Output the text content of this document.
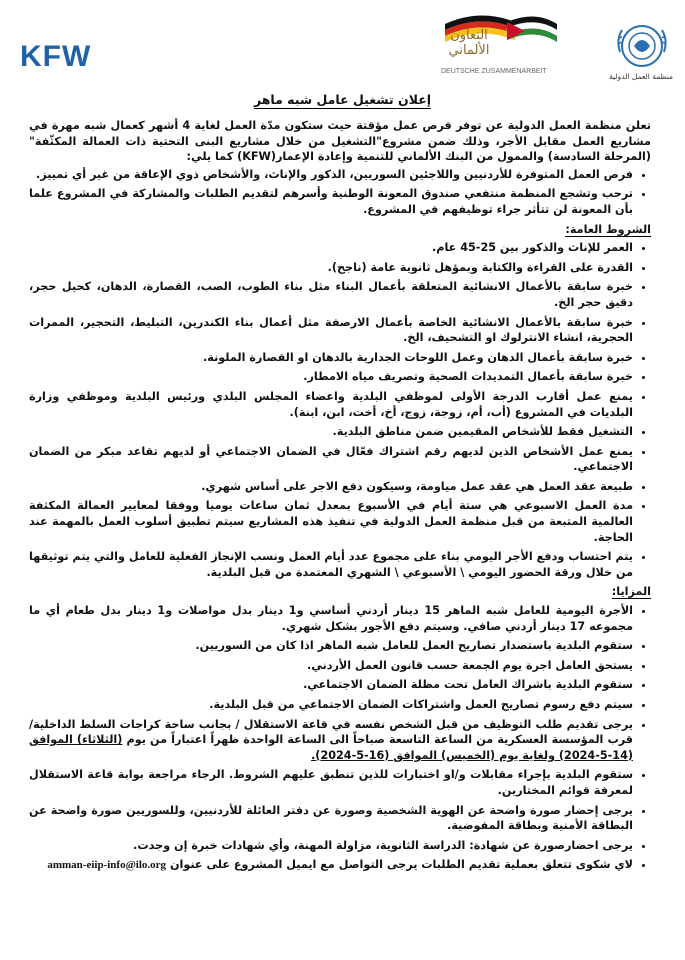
KFW
التعاون الألماني
DEUTSCHE ZUSAMMENARBEIT
منظمة العمل الدولية
إعلان تشغيل عامل شبه ماهر

تعلن منظمة العمل الدولية عن توفر فرص عمل مؤقتة حيث ستكون مدّة العمل لغاية 4 أشهر كعمال شبه مهرة في مشاريع العمل مقابل الأجر، وذلك ضمن مشروع"التشغيل من خلال مشاريع البنى التحتية ذات العمالة المكثّفة"(المرحلة السادسة) والممول من البنك الألماني للتنمية وإعادة الإعمار(KFW) كما يلي:

• فرص العمل المتوفرة للأردنيين واللاجئين السوريين، الذكور والإناث، والأشخاص ذوي الإعاقة من غير أي تمييز.
• ترحب وتشجع المنظمة منتفعي صندوق المعونة الوطنية وأسرهم لتقديم الطلبات والمشاركة في المشروع علما بأن المعونة لن تتأثر جراء توظيفهم في المشروع.
الشروط العامة:
• العمر للإناث والذكور بين 25-45 عام.
• القدرة على القراءة والكتابة وبمؤهل ثانوية عامة (ناجح).
• خبرة سابقة بالأعمال الانشائية المتعلقة بأعمال البناء مثل بناء الطوب، الصب، القصارة، الدهان، كحيل حجر، دقيق حجر الخ.
• خبرة سابقة بالأعمال الانشائية الخاصة بأعمال الارصفة مثل أعمال بناء الكندرين، التبليط، التحجير، الممرات الحجرية، انشاء الانترلوك او التشحيف، الخ.
• خبرة سابقة بأعمال الدهان وعمل اللوحات الجدارية بالدهان او القصارة الملونة.
• خبرة سابقة بأعمال التمديدات الصحية وتصريف مياه الامطار.
• يمنع عمل أقارب الدرجة الأولى لموظفي البلدية واعضاء المجلس البلدي ورئيس البلدية وموظفي وزارة البلديات في المشروع (أب، أم، زوجة، زوج، أخ، أخت، ابن، ابنة).
• التشغيل فقط للأشخاص المقيمين ضمن مناطق البلدية.
• يمنع عمل الأشخاص الذين لديهم رقم اشتراك فعّال في الضمان الاجتماعي أو لديهم تقاعد مبكر من الضمان الاجتماعي.
• طبيعة عقد العمل هي عقد عمل مياومة، وسيكون دفع الاجر على أساس شهري.
• مدة العمل الاسبوعي هي ستة أيام في الأسبوع بمعدل ثمان ساعات يوميا ووفقا لمعايير العمالة المكثفة العالمية المتبعة من قبل منظمة العمل الدولية في تنفيذ هذه المشاريع سيتم تطبيق أسلوب العمل بالمهمة عند الحاجة.
• يتم احتساب ودفع الأجر اليومي بناء على مجموع عدد أيام العمل ونسب الإنجاز الفعلية للعامل والتي يتم توثيقها من خلال ورقة الحضور اليومي \ الأسبوعي \ الشهري المعتمدة من قبل البلدية.
المزايا:
• الأجرة اليومية للعامل شبه الماهر 15 دينار أردني أساسي و1 دينار بدل مواصلات و1 دينار بدل طعام أي ما مجموعه 17 دينار أردني صافي. وسيتم دفع الأجور بشكل شهري.
• ستقوم البلدية باستصدار تصاريح العمل للعامل شبه الماهر اذا كان من السوريين.
• يستحق العامل اجرة يوم الجمعة حسب قانون العمل الأردني.
• ستقوم البلدية باشراك العامل تحت مظلة الضمان الاجتماعي.
• سيتم دفع رسوم تصاريح العمل واشتراكات الضمان الاجتماعي من قبل البلدية.
• يرجى تقديم طلب التوظيف من قبل الشخص نفسه في قاعة الاستقلال / بجانب ساحة كراجات السلط الداخلية/قرب المؤسسة العسكرية من الساعة التاسعة صباحاً الى الساعة الواحدة ظهراً اعتباراً من يوم (الثلاثاء) الموافق (14-5-2024) ولغاية يوم (الخميس) الموافق (16-5-2024).
• ستقوم البلدية بإجراء مقابلات و/او اختبارات للذين تنطبق عليهم الشروط. الرجاء مراجعة بوابة قاعة الاستقلال لمعرفة قوائم المختارين.
• يرجى إحضار صورة واضحة عن الهوية الشخصية وصورة عن دفتر العائلة للأردنيين، وللسوريين صورة واضحة عن البطاقة الأمنية وبطاقة المفوضية.
• يرجى احضارصورة عن شهادة: الدراسة الثانوية، مزاولة المهنة، وأي شهادات خبرة إن وجدت.
• لاي شكوى تتعلق بعملية تقديم الطلبات يرجى التواصل مع ايميل المشروع على عنوان amman-eiip-info@ilo.org
